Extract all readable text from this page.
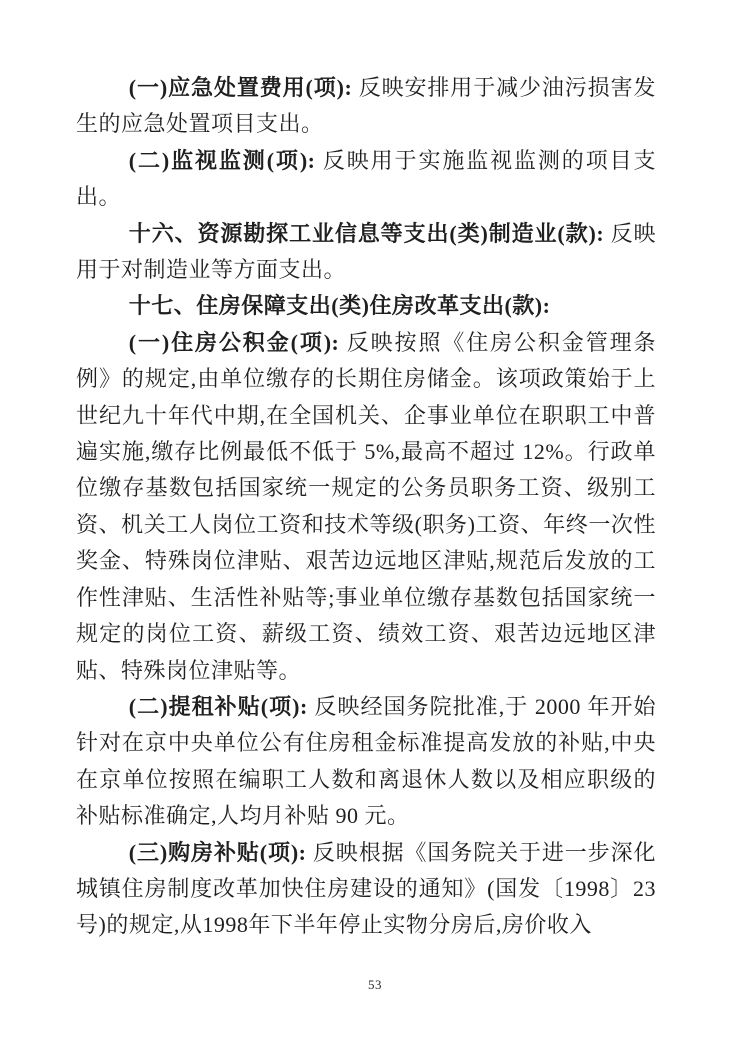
(一)应急处置费用(项): 反映安排用于减少油污损害发生的应急处置项目支出。

(二)监视监测(项): 反映用于实施监视监测的项目支出。

十六、资源勘探工业信息等支出(类)制造业(款): 反映用于对制造业等方面支出。

十七、住房保障支出(类)住房改革支出(款):

(一)住房公积金(项): 反映按照《住房公积金管理条例》的规定,由单位缴存的长期住房储金。该项政策始于上世纪九十年代中期,在全国机关、企事业单位在职职工中普遍实施,缴存比例最低不低于 5%,最高不超过 12%。行政单位缴存基数包括国家统一规定的公务员职务工资、级别工资、机关工人岗位工资和技术等级(职务)工资、年终一次性奖金、特殊岗位津贴、艰苦边远地区津贴,规范后发放的工作性津贴、生活性补贴等;事业单位缴存基数包括国家统一规定的岗位工资、薪级工资、绩效工资、艰苦边远地区津贴、特殊岗位津贴等。

(二)提租补贴(项): 反映经国务院批准,于 2000 年开始针对在京中央单位公有住房租金标准提高发放的补贴,中央在京单位按照在编职工人数和离退休人数以及相应职级的补贴标准确定,人均月补贴 90 元。

(三)购房补贴(项): 反映根据《国务院关于进一步深化城镇住房制度改革加快住房建设的通知》(国发〔1998〕23号)的规定,从1998年下半年停止实物分房后,房价收入

53
